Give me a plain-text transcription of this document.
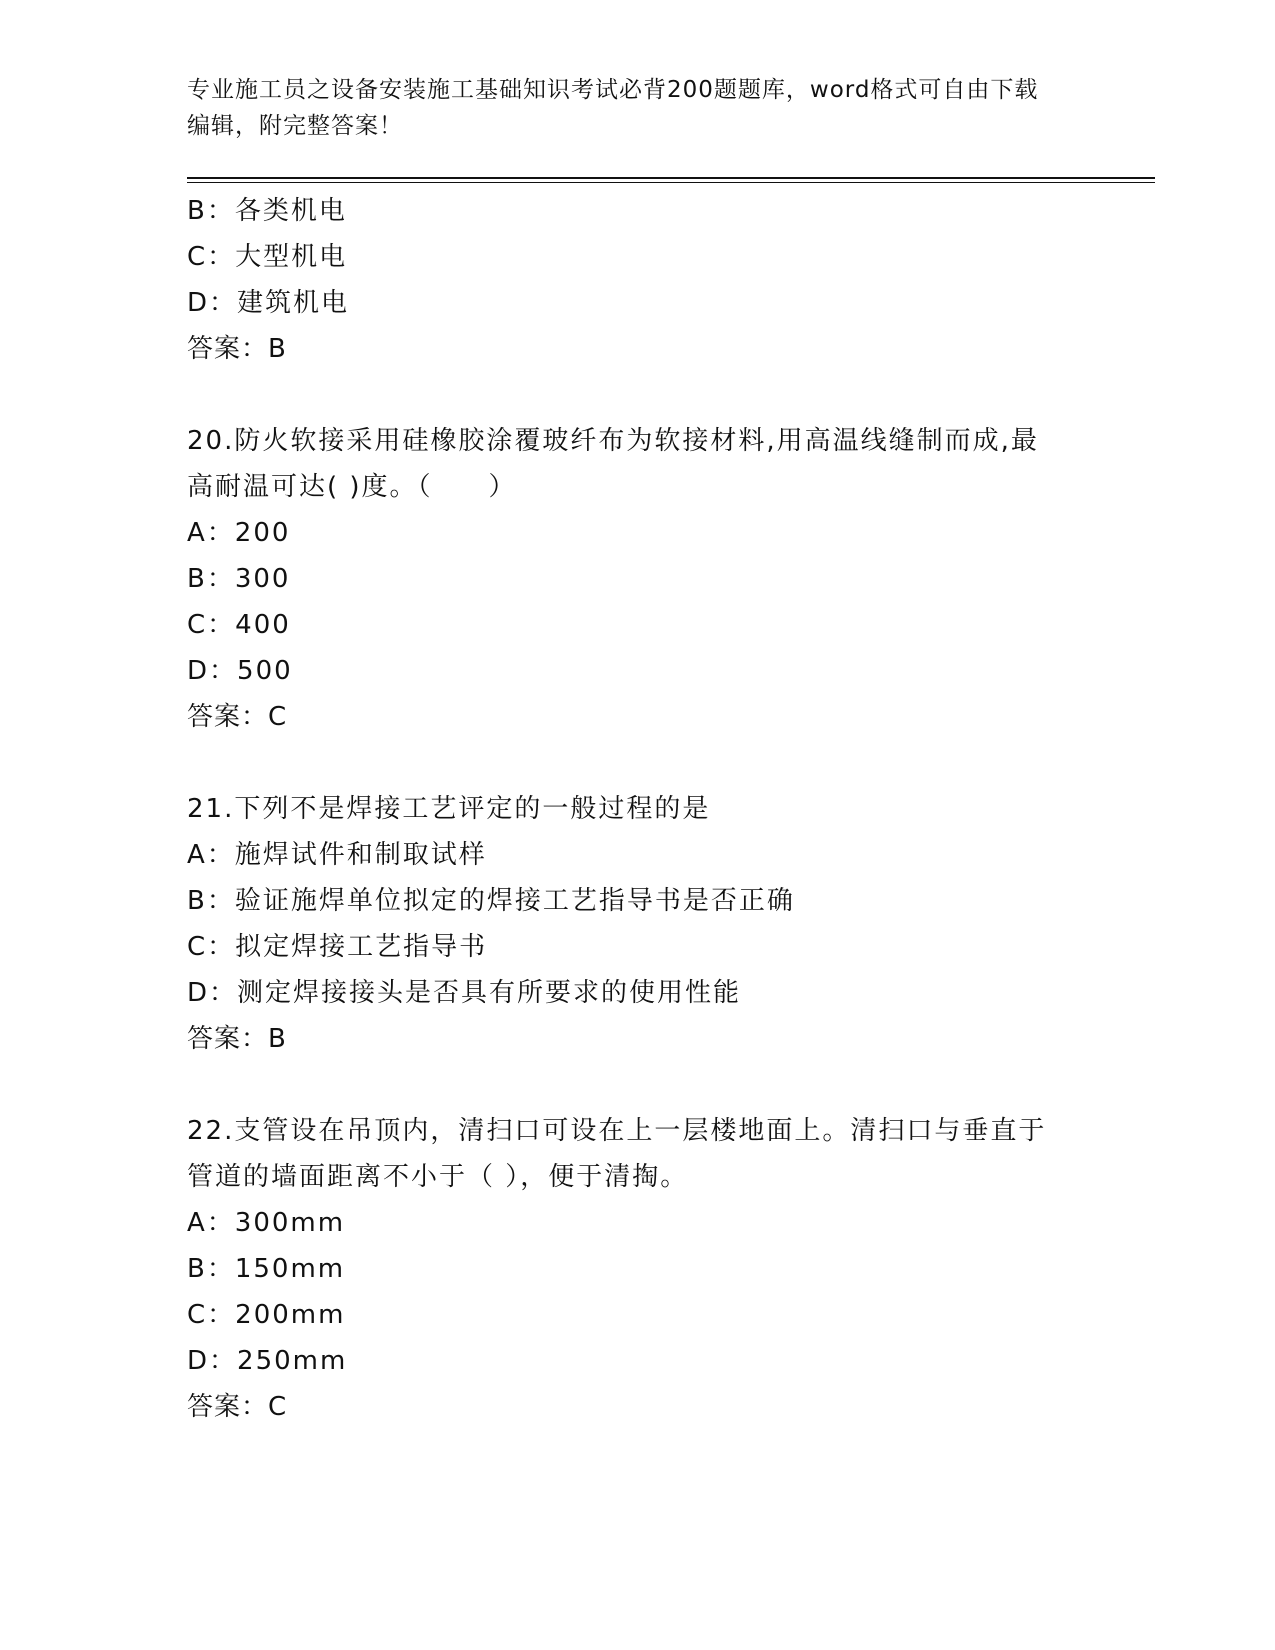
专业施工员之设备安装施工基础知识考试必背200题题库，word格式可自由下载
编辑，附完整答案！
B：各类机电
C：大型机电
D：建筑机电
答案：B
20.防火软接采用硅橡胶涂覆玻纤布为软接材料,用高温线缝制而成,最
高耐温可达( )度。（　　）
A：200
B：300
C：400
D：500
答案：C
21.下列不是焊接工艺评定的一般过程的是
A：施焊试件和制取试样
B：验证施焊单位拟定的焊接工艺指导书是否正确
C：拟定焊接工艺指导书
D：测定焊接接头是否具有所要求的使用性能
答案：B
22.支管设在吊顶内，清扫口可设在上一层楼地面上。清扫口与垂直于
管道的墙面距离不小于（ ），便于清掏。
A：300mm
B：150mm
C：200mm
D：250mm
答案：C
